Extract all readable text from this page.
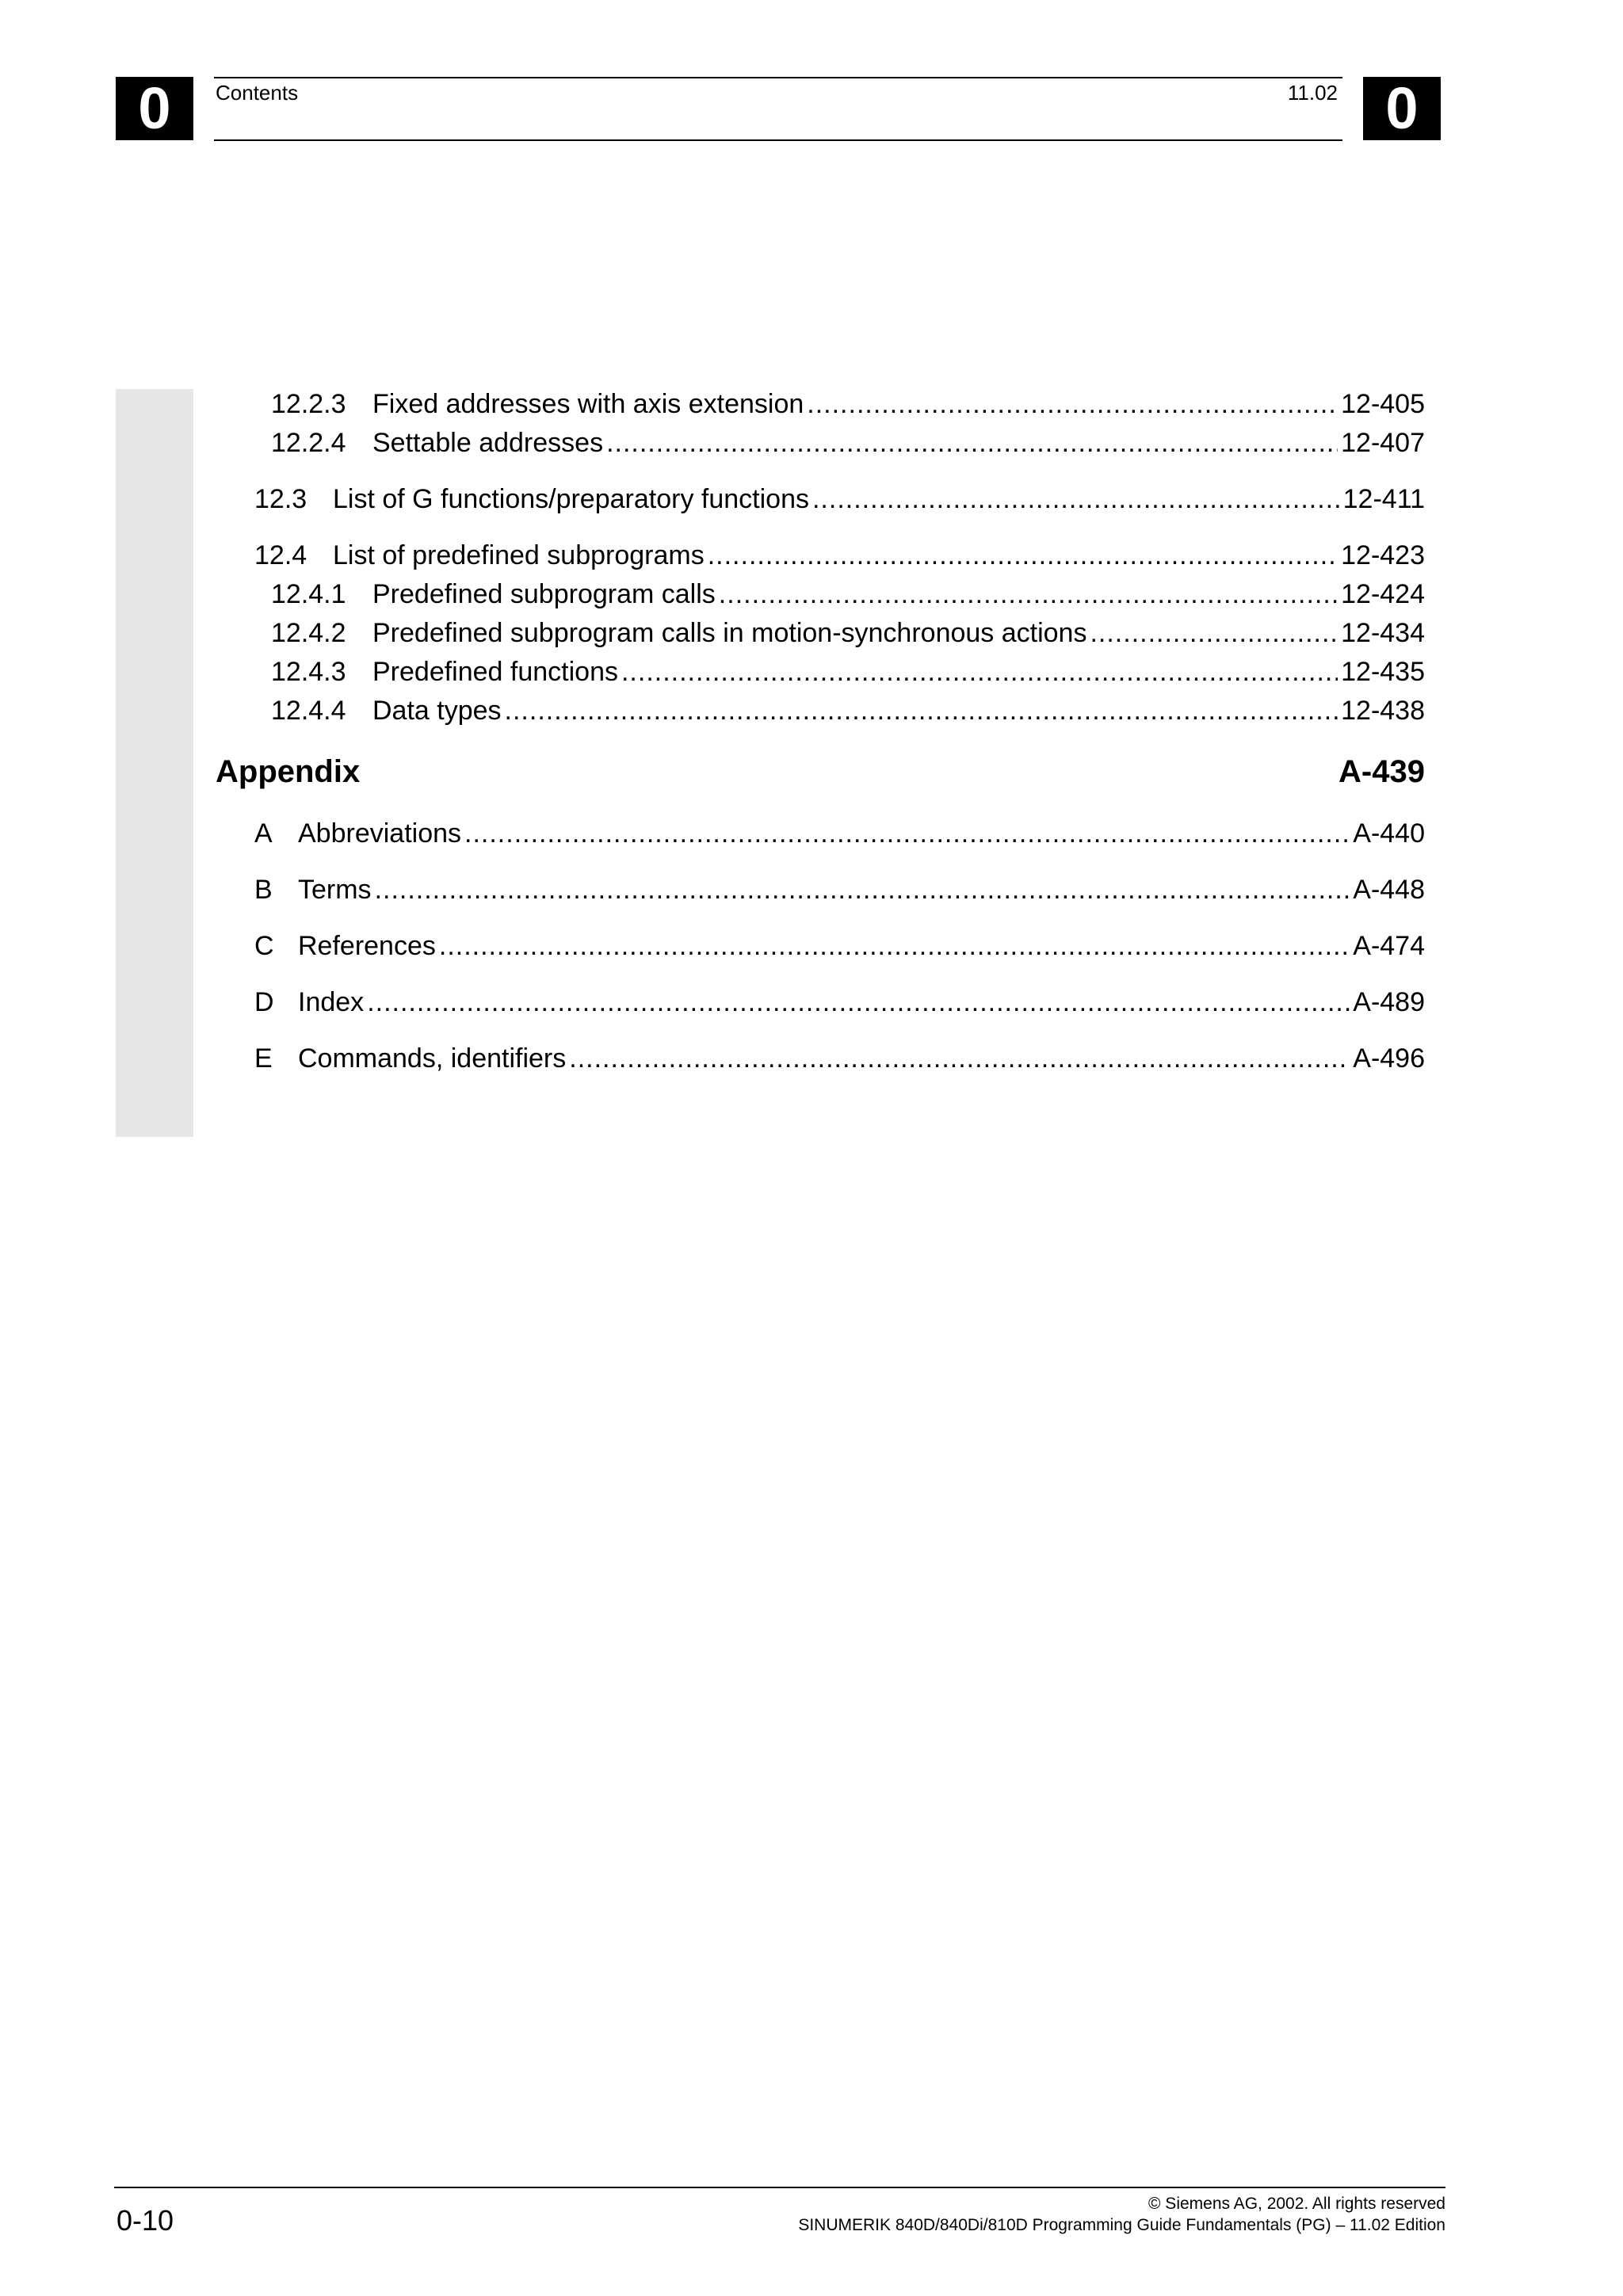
0	Contents	11.02 0
12.2.3 Fixed addresses with axis extension .....	12-405
12.2.4 Settable addresses .....	12-407
12.3 List of G functions/preparatory functions .....	12-411
12.4 List of predefined subprograms .....	12-423
12.4.1 Predefined subprogram calls .....	12-424
12.4.2 Predefined subprogram calls in motion-synchronous actions .....	12-434
12.4.3 Predefined functions .....	12-435
12.4.4 Data types .....	12-438
Appendix	A-439
A Abbreviations .....	A-440
B Terms .....	A-448
C References .....	A-474
D Index .....	A-489
E Commands, identifiers .....	A-496
0-10
© Siemens AG, 2002. All rights reserved
SINUMERIK 840D/840Di/810D Programming Guide Fundamentals (PG) – 11.02 Edition
